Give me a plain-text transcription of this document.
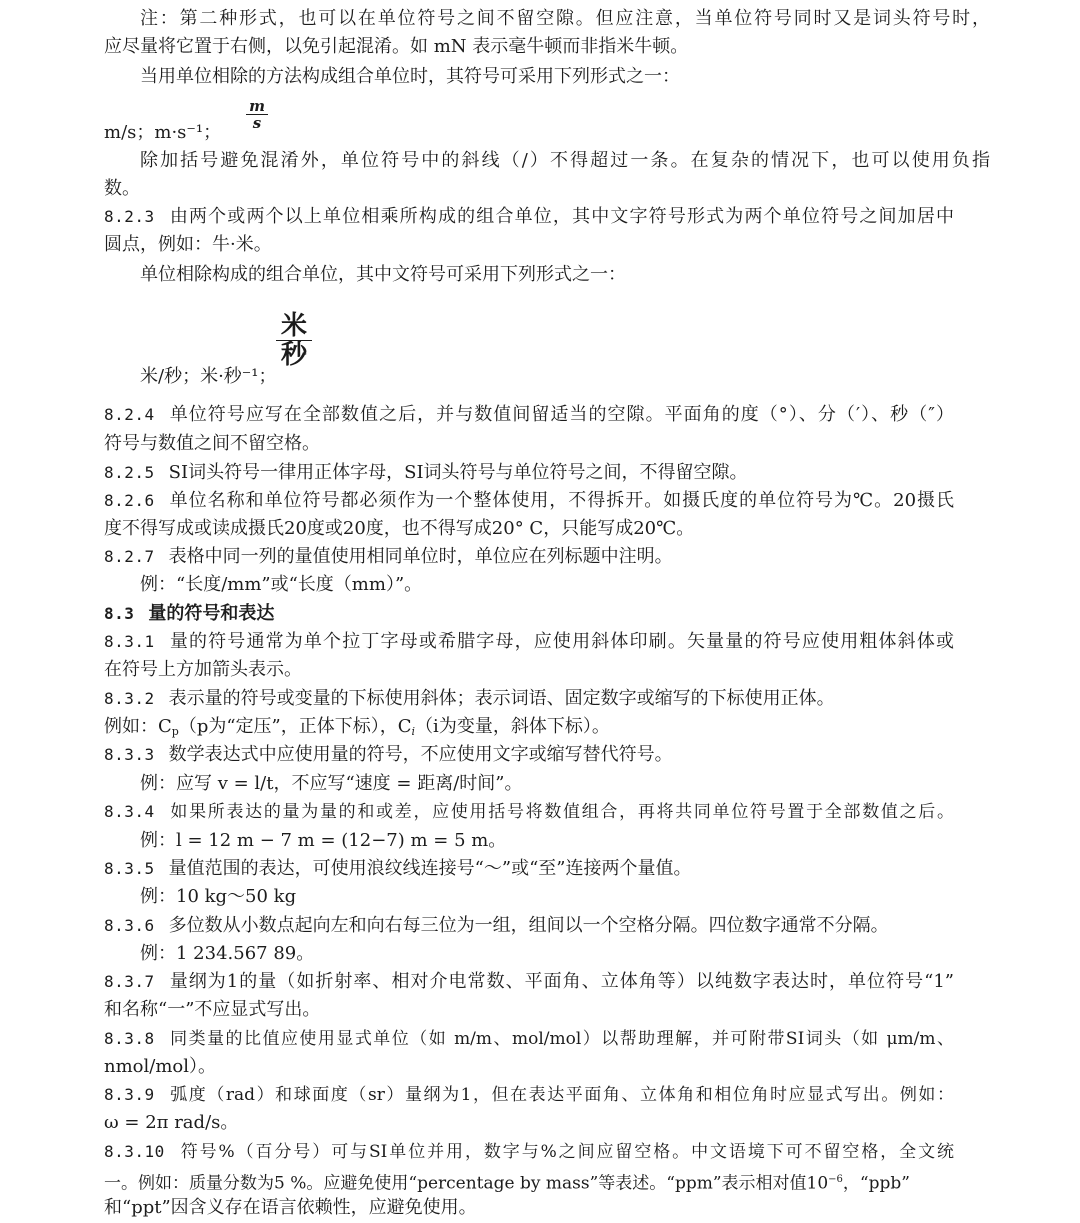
注：第二种形式，也可以在单位符号之间不留空隙。但应注意，当单位符号同时又是词头符号时，
应尽量将它置于右侧，以免引起混淆。如 mN 表示毫牛顿而非指米牛顿。
当用单位相除的方法构成组合单位时，其符号可采用下列形式之一：
m/s；m·s⁻¹；
m
s
除加括号避免混淆外，单位符号中的斜线（/）不得超过一条。在复杂的情况下，也可以使用负指
数。
8.2.3 由两个或两个以上单位相乘所构成的组合单位，其中文字符号形式为两个单位符号之间加居中
圆点，例如：牛·米。
单位相除构成的组合单位，其中文符号可采用下列形式之一：
米/秒；米·秒⁻¹；
米
秒
8.2.4 单位符号应写在全部数值之后，并与数值间留适当的空隙。平面角的度（°）、分（′）、秒（″）
符号与数值之间不留空格。
8.2.5 SI词头符号一律用正体字母，SI词头符号与单位符号之间，不得留空隙。
8.2.6 单位名称和单位符号都必须作为一个整体使用，不得拆开。如摄氏度的单位符号为℃。20摄氏
度不得写成或读成摄氏20度或20度，也不得写成20° C，只能写成20℃。
8.2.7 表格中同一列的量值使用相同单位时，单位应在列标题中注明。
例：“长度/mm”或“长度（mm）”。
8.3 量的符号和表达
8.3.1 量的符号通常为单个拉丁字母或希腊字母，应使用斜体印刷。矢量量的符号应使用粗体斜体或
在符号上方加箭头表示。
8.3.2 表示量的符号或变量的下标使用斜体；表示词语、固定数字或缩写的下标使用正体。
例如：$C_p(p$为“定压”，正体下标），$C_i(i$为变量，斜体下标）。
8.3.3 数学表达式中应使用量的符号，不应使用文字或缩写替代符号。
例：应写 v = l/t，不应写“速度 = 距离/时间”。
8.3.4 如果所表达的量为量的和或差，应使用括号将数值组合，再将共同单位符号置于全部数值之后。
例：l = 12 m − 7 m = (12−7) m = 5 m。
8.3.5 量值范围的表达，可使用浪纹线连接号“～”或“至”连接两个量值。
例：10 kg～50 kg
8.3.6 多位数从小数点起向左和向右每三位为一组，组间以一个空格分隔。四位数字通常不分隔。
例：1 234.567 89。
8.3.7 量纲为1的量（如折射率、相对介电常数、平面角、立体角等）以纯数字表达时，单位符号“1”
和名称“一”不应显式写出。
8.3.8 同类量的比值应使用显式单位（如 m/m、mol/mol）以帮助理解，并可附带SI词头（如 μm/m、
nmol/mol）。
8.3.9 弧度（rad）和球面度（sr）量纲为1，但在表达平面角、立体角和相位角时应显式写出。例如：
ω = 2π rad/s。
8.3.10 符号%（百分号）可与SI单位并用，数字与%之间应留空格。中文语境下可不留空格，全文统
一。例如：质量分数为5 %。应避免使用“percentage by mass”等表述。“ppm”表示相对值$10^{-6}$，“ppb”
和“ppt”因含义存在语言依赖性，应避免使用。
